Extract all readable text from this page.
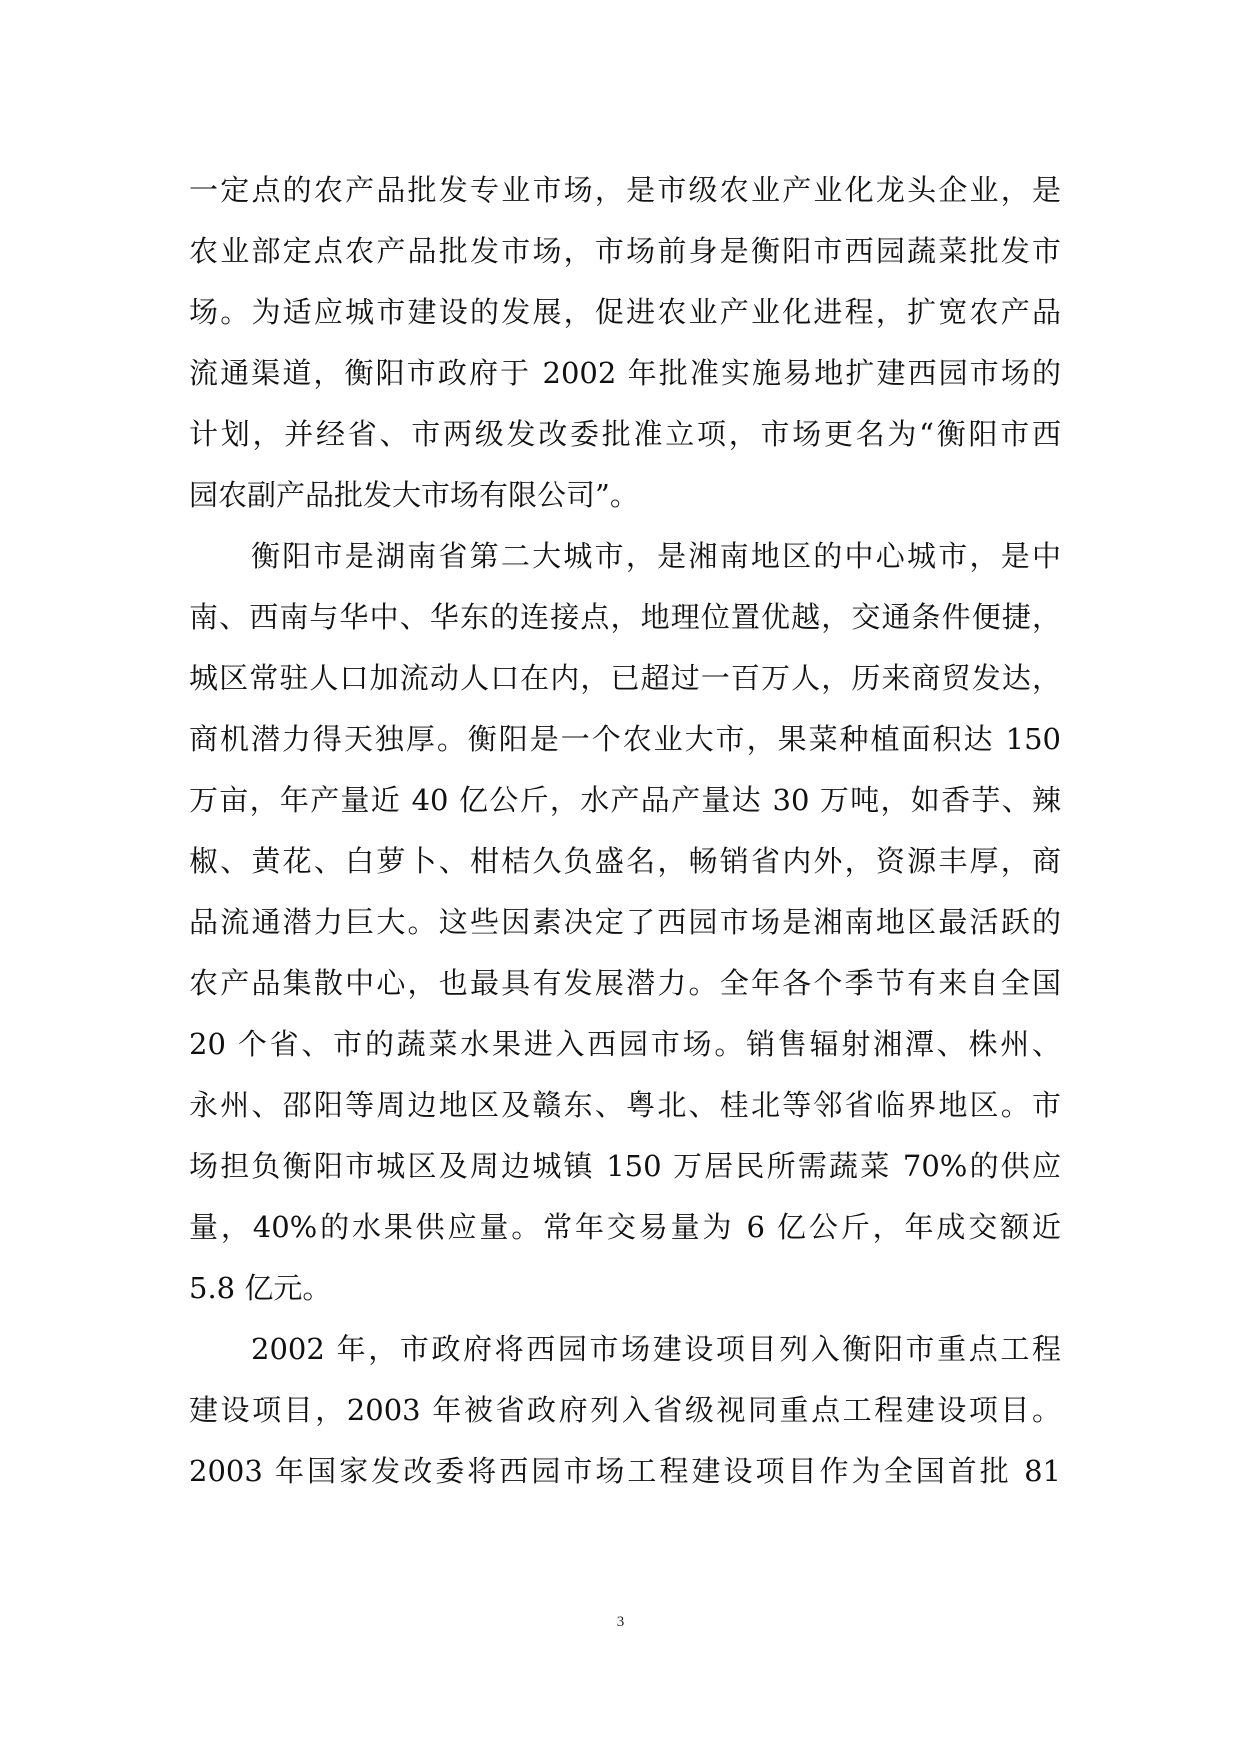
一定点的农产品批发专业市场，是市级农业产业化龙头企业，是
农业部定点农产品批发市场，市场前身是衡阳市西园蔬菜批发市
场。为适应城市建设的发展，促进农业产业化进程，扩宽农产品
流通渠道，衡阳市政府于 2002 年批准实施易地扩建西园市场的
计划，并经省、市两级发改委批准立项，市场更名为“衡阳市西
园农副产品批发大市场有限公司”。
衡阳市是湖南省第二大城市，是湘南地区的中心城市，是中
南、西南与华中、华东的连接点，地理位置优越，交通条件便捷，
城区常驻人口加流动人口在内，已超过一百万人，历来商贸发达，
商机潜力得天独厚。衡阳是一个农业大市，果菜种植面积达 150
万亩，年产量近 40 亿公斤，水产品产量达 30 万吨，如香芋、辣
椒、黄花、白萝卜、柑桔久负盛名，畅销省内外，资源丰厚，商
品流通潜力巨大。这些因素决定了西园市场是湘南地区最活跃的
农产品集散中心，也最具有发展潜力。全年各个季节有来自全国
20 个省、市的蔬菜水果进入西园市场。销售辐射湘潭、株州、
永州、邵阳等周边地区及赣东、粤北、桂北等邻省临界地区。市
场担负衡阳市城区及周边城镇 150 万居民所需蔬菜 70%的供应
量，40%的水果供应量。常年交易量为 6 亿公斤，年成交额近
5.8 亿元。
2002 年，市政府将西园市场建设项目列入衡阳市重点工程
建设项目，2003 年被省政府列入省级视同重点工程建设项目。
2003 年国家发改委将西园市场工程建设项目作为全国首批 81
3
